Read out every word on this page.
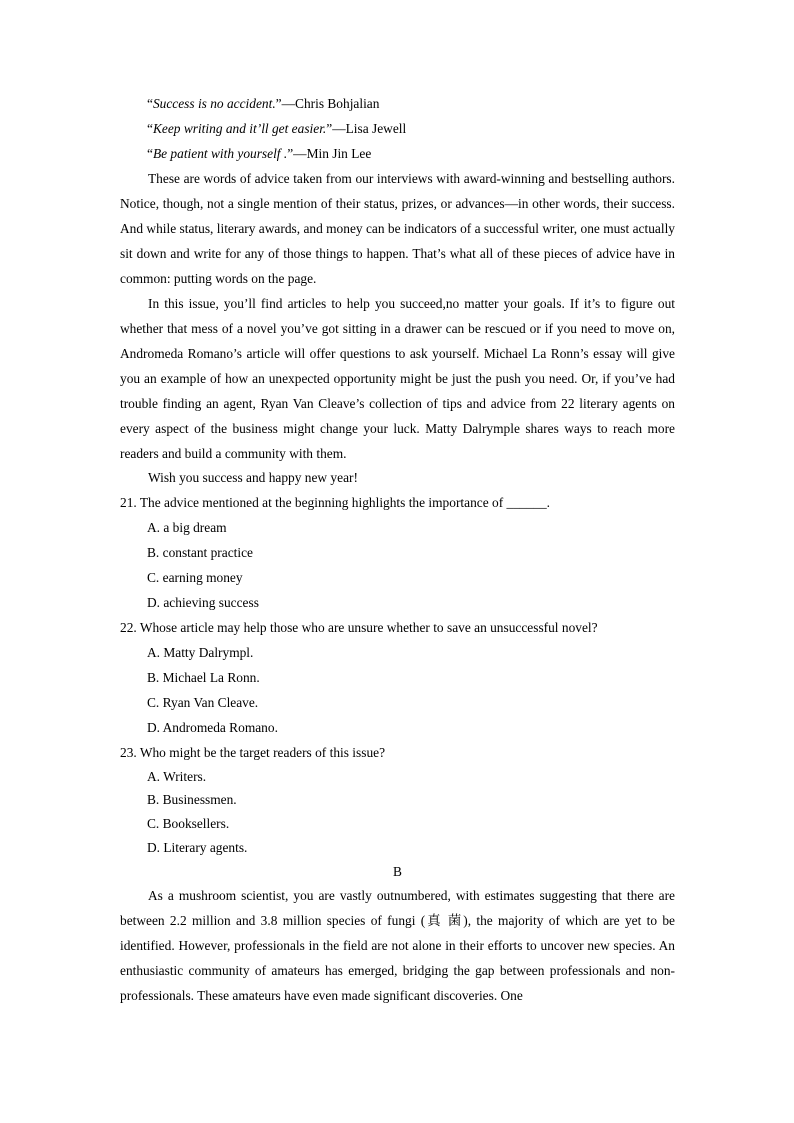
“Success is no accident.”—Chris Bohjalian
“Keep writing and it’ll get easier.”—Lisa Jewell
“Be patient with yourself .”—Min Jin Lee

These are words of advice taken from our interviews with award-winning and bestselling authors. Notice, though, not a single mention of their status, prizes, or advances—in other words, their success. And while status, literary awards, and money can be indicators of a successful writer, one must actually sit down and write for any of those things to happen. That’s what all of these pieces of advice have in common: putting words on the page.

In this issue, you’ll find articles to help you succeed,no matter your goals. If it’s to figure out whether that mess of a novel you’ve got sitting in a drawer can be rescued or if you need to move on, Andromeda Romano’s article will offer questions to ask yourself. Michael La Ronn’s essay will give you an example of how an unexpected opportunity might be just the push you need. Or, if you’ve had trouble finding an agent, Ryan Van Cleave’s collection of tips and advice from 22 literary agents on every aspect of the business might change your luck. Matty Dalrymple shares ways to reach more readers and build a community with them.

Wish you success and happy new year!

21. The advice mentioned at the beginning highlights the importance of ______.
A. a big dream
B. constant practice
C. earning money
D. achieving success
22. Whose article may help those who are unsure whether to save an unsuccessful novel?
A. Matty Dalrympl.
B. Michael La Ronn.
C. Ryan Van Cleave.
D. Andromeda Romano.
23. Who might be the target readers of this issue?
A. Writers.
B. Businessmen.
C. Booksellers.
D. Literary agents.
B

As a mushroom scientist, you are vastly outnumbered, with estimates suggesting that there are between 2.2 million and 3.8 million species of fungi (真 菌), the majority of which are yet to be identified. However, professionals in the field are not alone in their efforts to uncover new species. An enthusiastic community of amateurs has emerged, bridging the gap between professionals and non-professionals. These amateurs have even made significant discoveries. One
